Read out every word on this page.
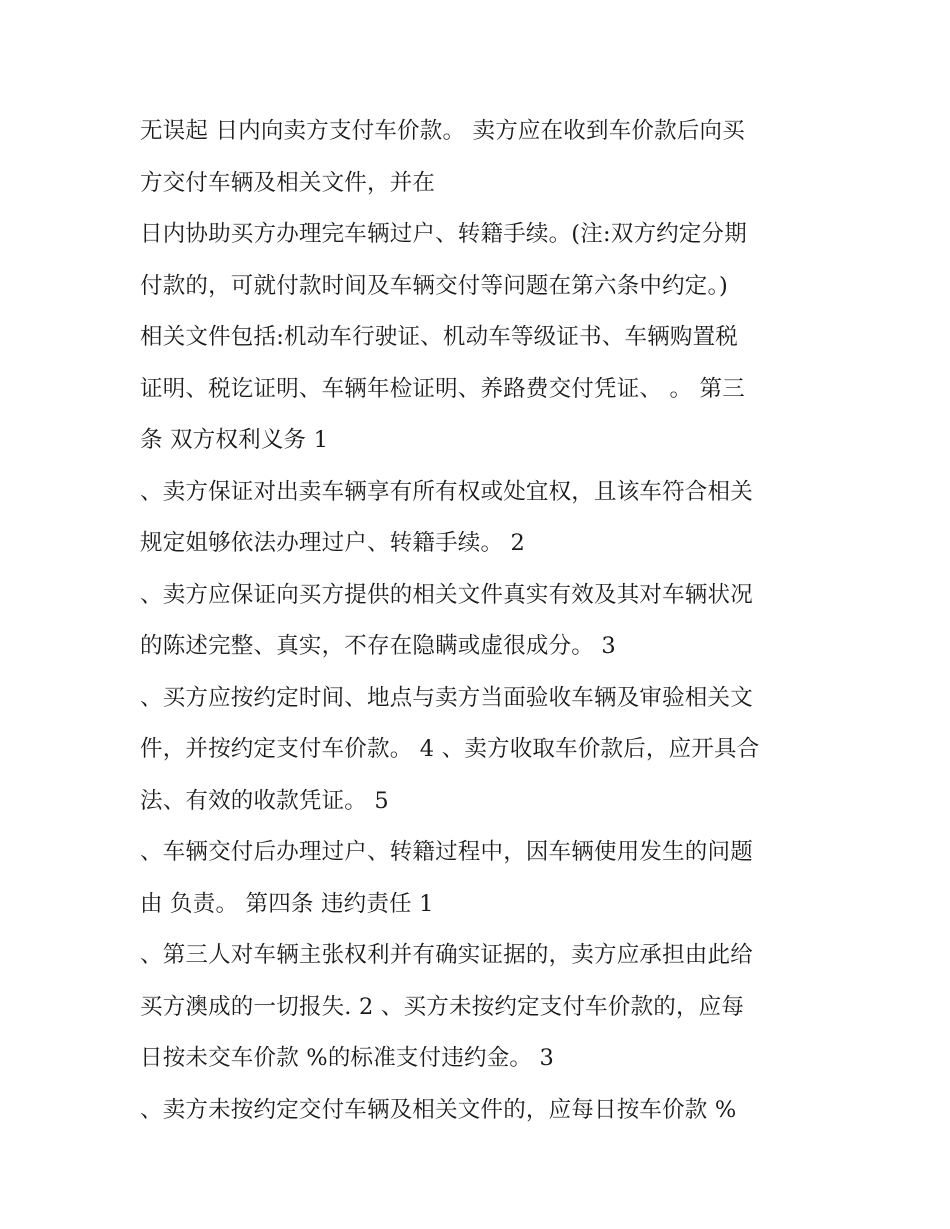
无误起 日内向卖方支付车价款。 卖方应在收到车价款后向买
方交付车辆及相关文件，并在
日内协助买方办理完车辆过户、转籍手续。(注:双方约定分期
付款的，可就付款时间及车辆交付等问题在第六条中约定。)
相关文件包括:机动车行驶证、机动车等级证书、车辆购置税
证明、税讫证明、车辆年检证明、养路费交付凭证、 。 第三
条 双方权利义务 1
、卖方保证对出卖车辆享有所有权或处宜权，且该车符合相关
规定姐够依法办理过户、转籍手续。 2
、卖方应保证向买方提供的相关文件真实有效及其对车辆状况
的陈述完整、真实，不存在隐瞒或虚很成分。 3
、买方应按约定时间、地点与卖方当面验收车辆及审验相关文
件，并按约定支付车价款。 4 、卖方收取车价款后，应开具合
法、有效的收款凭证。 5
、车辆交付后办理过户、转籍过程中，因车辆使用发生的问题
由 负责。 第四条 违约责任 1
、第三人对车辆主张权利并有确实证据的，卖方应承担由此给
买方澳成的一切报失. 2 、买方未按约定支付车价款的，应每
日按未交车价款 %的标准支付违约金。 3
、卖方未按约定交付车辆及相关文件的，应每日按车价款 %
